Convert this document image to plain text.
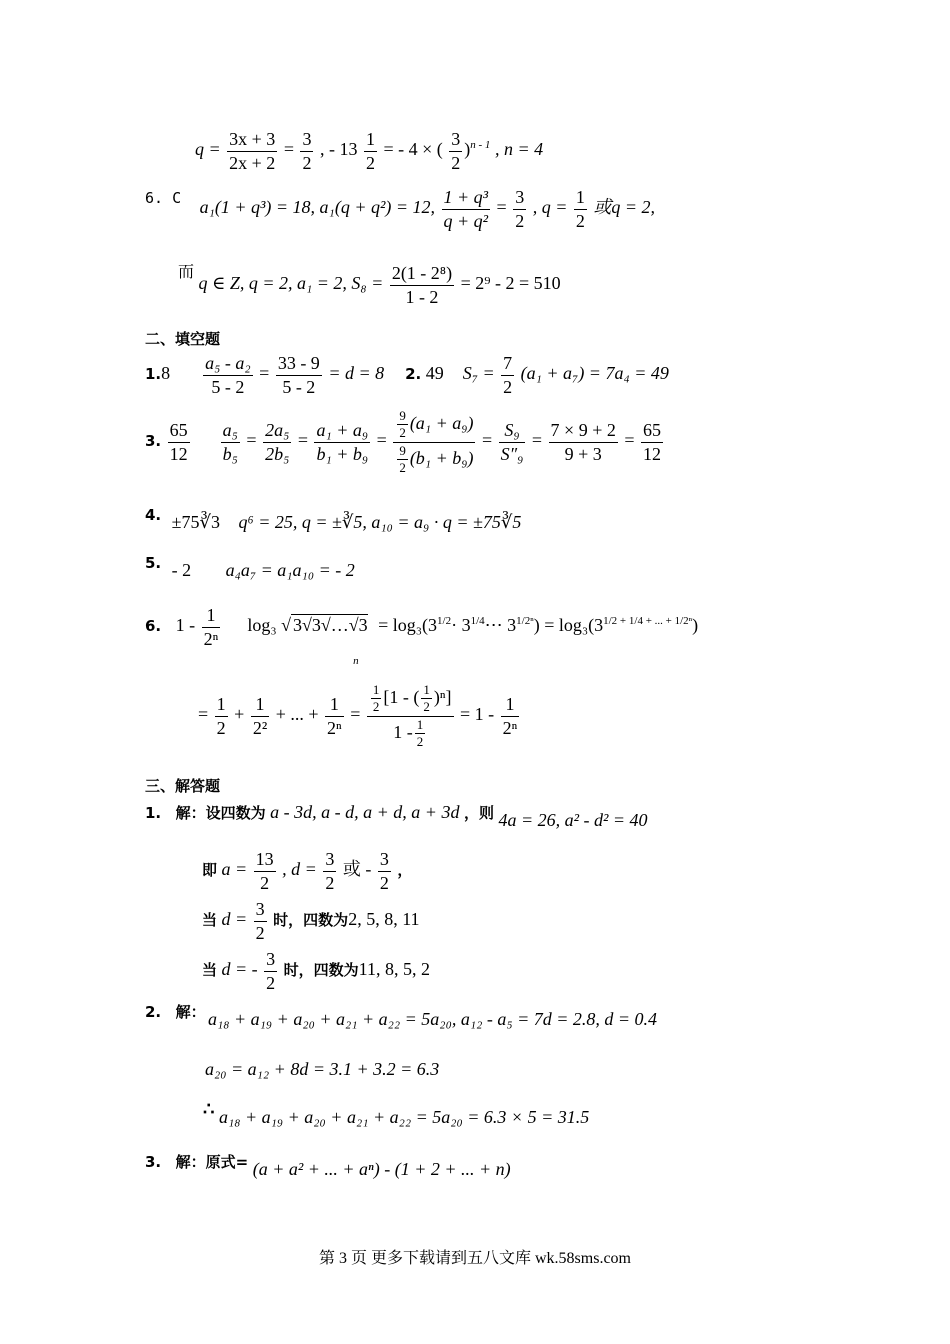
$q = \frac{3x + 3}{2x + 2} = \frac{3}{2}$ , - $13 \frac{1}{2}$ = - 4 × ( $\frac{3}{2} )^{n - 1}$ , n = 4
$^{6. C}$ a₁(1 + q³) = 18, a₁(q + q²) = 12, $\frac{\text{1 + q³}}{\text{q + q²}} = \frac{3}{2}$ , $q = \frac{1}{2}$ 或q = 2,
而 q ∈ Z, q = 2, a₁ = 2, $S_8 = \frac{\text{2(1 - 2⁸)}}{1 - 2} = 2^9 - 2 = 510$
二、填空题
$1.8 \frac{\text{a₅ - a₂}}{5 - 2} = \frac{33 - 9}{5 - 2} = d = 8$ 2. 49 $S_7 = \frac{7}{2} (a_1 + a_7) = 7a_4 = 49$
3. $\frac{65}{12}$
$\frac{\text{a₅}}{\text{b₅}} = \frac{\text{2a₅}}{\text{2b₅}} = \frac{\text{a₁ + a₉}}{\text{b₁ + b₉}} = \frac{\frac{9}{2} (a_1 + a_9)}{\frac{9}{2} (b_1 + b_9)} = \frac{\text{S₉}}{\text{S″₉}} = \frac{7 \times 9 + 2}{9 + 3} = \frac{65}{12}$
$^{4.}$ ±75∛3 q⁶ = 25, q = ±∛5, a₁₀ = a₉ · q = ±75∛5
$^{5.}$ - 2 a₄a₇ = a₁a₁₀ = - 2
6. $1 - \frac{1}{\text{2ⁿ}} \log_3$ √ 3√3√…√3
n
= $\log_3(3^{1/2}\cdot$ $3^{1/4}\cdots$ $3^{1/2^n}) = \log_3(3^{1/2 + 1/4 + ... + 1/2^n})$
= $\frac{1}{2} + \frac{1}{\text{2²}}$ + ... + $\frac{1}{\text{2ⁿ}} = \frac{\frac{1}{2} [1 - ( \frac{1}{2} )^n]}{1 - \frac{1}{2}} = 1 - \frac{1}{\text{2ⁿ}}$
三、解答题
1. 解：设四数为 a - 3d, a - d, a + d, a + 3d ，则 4a = 26, a² - d² = 40
即 $a = \frac{13}{2}$ , $d = \frac{3}{2}$ 或 - $\frac{3}{2}$ ，
当 $d = \frac{3}{2}$ 时，四数为2, 5, 8, 11
当 d = - $\frac{3}{2}$ 时，四数为11, 8, 5, 2
2. 解： a₁₈ + a₁₉ + a₂₀ + a₂₁ + a₂₂ = 5a₂₀, a₁₂ - a₅ = 7d = 2.8, d = 0.4
a₂₀ = a₁₂ + 8d = 3.1 + 3.2 = 6.3
∴ a₁₈ + a₁₉ + a₂₀ + a₂₁ + a₂₂ = 5a₂₀ = 6.3 × 5 = 31.5
3. 解：原式= (a + a² + ... + aⁿ) - (1 + 2 + ... + n)
第 3 页 更多下载请到五八文库 wk.58sms.com
